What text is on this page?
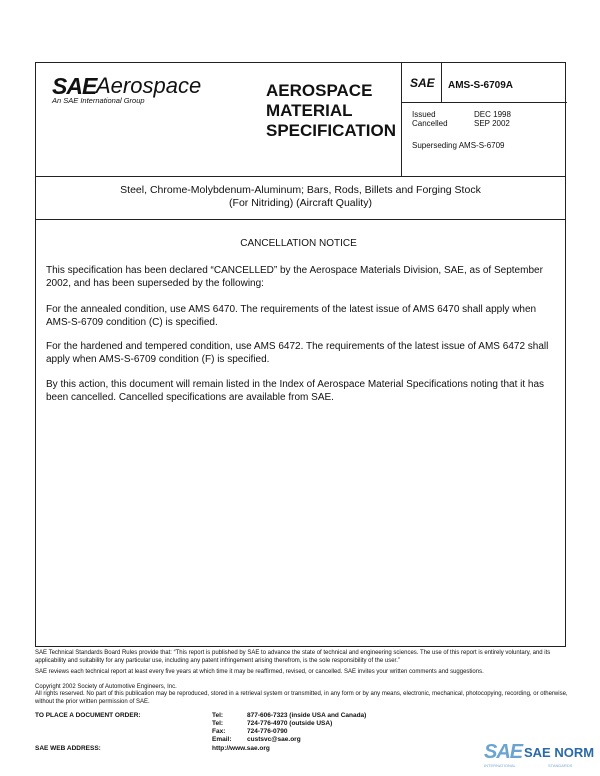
SAE Aerospace
An SAE International Group
AEROSPACE
MATERIAL
SPECIFICATION
Steel, Chrome-Molybdenum-Aluminum; Bars, Rods, Billets and Forging Stock
(For Nitriding) (Aircraft Quality)
CANCELLATION NOTICE
This specification has been declared “CANCELLED” by the Aerospace Materials Division, SAE, as of September 2002, and has been superseded by the following:
For the annealed condition, use AMS 6470. The requirements of the latest issue of AMS 6470 shall apply when AMS-S-6709 condition (C) is specified.
For the hardened and tempered condition, use AMS 6472. The requirements of the latest issue of AMS 6472 shall apply when AMS-S-6709 condition (F) is specified.
By this action, this document will remain listed in the Index of Aerospace Material Specifications noting that it has been cancelled. Cancelled specifications are available from SAE.
SAE AMS-S-6709A
Issued	DEC 1998
Cancelled	SEP 2002
Superseding AMS-S-6709
SAE Technical Standards Board Rules provide that: “This report is published by SAE to advance the state of technical and engineering sciences. The use of this report is entirely voluntary, and its applicability and suitability for any particular use, including any patent infringement arising therefrom, is the sole responsibility of the user.”
SAE reviews each technical report at least every five years at which time it may be reaffirmed, revised, or cancelled. SAE invites your written comments and suggestions.
Copyright 2002 Society of Automotive Engineers, Inc.
All rights reserved. No part of this publication may be reproduced, stored in a retrieval system or transmitted, in any form or by any means, electronic, mechanical, photocopying, recording, or otherwise, without the prior written permission of SAE.
TO PLACE A DOCUMENT ORDER:	Tel:	877-606-7323 (inside USA and Canada)
Tel:	724-776-4970 (outside USA)
Fax:	724-776-0790
Email: custsvc@sae.org
SAE WEB ADDRESS:	http://www.sae.org	SAE SAE NORM
INTERNATIONAL	STANDARDS
